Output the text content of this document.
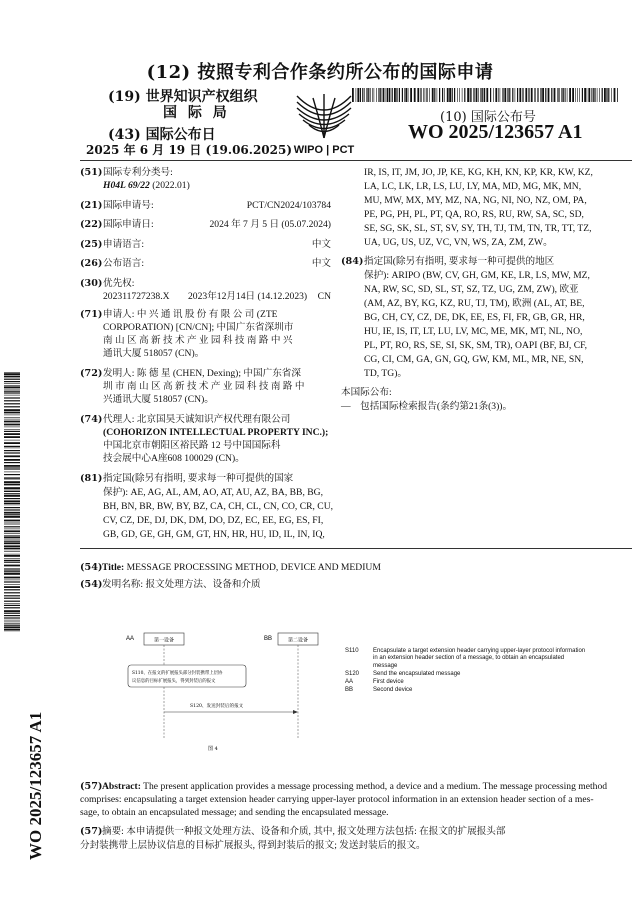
(12) 按照专利合作条约所公布的国际申请
(19) 世界知识产权组织
国 际 局
(43) 国际公布日
2025 年 6 月 19 日 (19.06.2025)
(10) 国际公布号
WO 2025/123657 A1
WIPO | PCT
(51) 国际专利分类号:
H04L 69/22 (2022.01)
(21) 国际申请号:	PCT/CN2024/103784
(22) 国际申请日:	2024 年 7 月 5 日 (05.07.2024)
(25) 申请语言:	中文
(26) 公布语言:	中文
(30) 优先权:
202311727238.X 2023年12月14日 (14.12.2023) CN
(71) 申请人: 中 兴 通 讯 股 份 有 限 公 司 (ZTE
CORPORATION) [CN/CN]; 中国广东省深圳市
南 山 区 高 新 技 术 产 业 园 科 技 南 路 中 兴
通讯大厦 518057 (CN)。
(72) 发明人: 陈 德 星 (CHEN, Dexing); 中国广东省深
圳 市 南 山 区 高 新 技 术 产 业 园 科 技 南 路 中
兴通讯大厦 518057 (CN)。
(74) 代理人: 北京国昊天诚知识产权代理有限公司
(COHORIZON INTELLECTUAL PROPERTY INC.);
中国北京市朝阳区裕民路 12 号中国国际科
技会展中心A座608 100029 (CN)。
(81) 指定国(除另有指明, 要求每一种可提供的国家
保护): AE, AG, AL, AM, AO, AT, AU, AZ, BA, BB, BG,
BH, BN, BR, BW, BY, BZ, CA, CH, CL, CN, CO, CR, CU,
CV, CZ, DE, DJ, DK, DM, DO, DZ, EC, EE, EG, ES, FI,
GB, GD, GE, GH, GM, GT, HN, HR, HU, ID, IL, IN, IQ,
IR, IS, IT, JM, JO, JP, KE, KG, KH, KN, KP, KR, KW, KZ,
LA, LC, LK, LR, LS, LU, LY, MA, MD, MG, MK, MN,
MU, MW, MX, MY, MZ, NA, NG, NI, NO, NZ, OM, PA,
PE, PG, PH, PL, PT, QA, RO, RS, RU, RW, SA, SC, SD,
SE, SG, SK, SL, ST, SV, SY, TH, TJ, TM, TN, TR, TT, TZ,
UA, UG, US, UZ, VC, VN, WS, ZA, ZM, ZW。
(84) 指定国(除另有指明, 要求每一种可提供的地区
保护): ARIPO (BW, CV, GH, GM, KE, LR, LS, MW, MZ,
NA, RW, SC, SD, SL, ST, SZ, TZ, UG, ZM, ZW), 欧亚
(AM, AZ, BY, KG, KZ, RU, TJ, TM), 欧洲 (AL, AT, BE,
BG, CH, CY, CZ, DE, DK, EE, ES, FI, FR, GB, GR, HR,
HU, IE, IS, IT, LT, LU, LV, MC, ME, MK, MT, NL, NO,
PL, PT, RO, RS, SE, SI, SK, SM, TR), OAPI (BF, BJ, CF,
CG, CI, CM, GA, GN, GQ, GW, KM, ML, MR, NE, SN,
TD, TG)。
本国际公布:
—　包括国际检索报告(条约第21条(3))。
WO 2025/123657 A1
(54) Title: MESSAGE PROCESSING METHOD, DEVICE AND MEDIUM
(54) 发明名称: 报文处理方法、设备和介质
AA	第一设备	BB	第二设备
S110、在报文的扩展报头部分封装携带上层协
议信息的目标扩展报头，得到封装后的报文
S120、发送封装后的报文
图 4
S110 Encapsulate a target extension header carrying upper-layer protocol information
in an extension header section of a message, to obtain an encapsulated
message
S120 Send the encapsulated message
AA	First device
BB	Second device
(57) Abstract: The present application provides a message processing method, a device and a medium. The message processing method
comprises: encapsulating a target extension header carrying upper-layer protocol information in an extension header section of a mes-
sage, to obtain an encapsulated message; and sending the encapsulated message.
(57) 摘要: 本申请提供一种报文处理方法、设备和介质, 其中, 报文处理方法包括: 在报文的扩展报头部
分封装携带上层协议信息的目标扩展报头, 得到封装后的报文; 发送封装后的报文。
